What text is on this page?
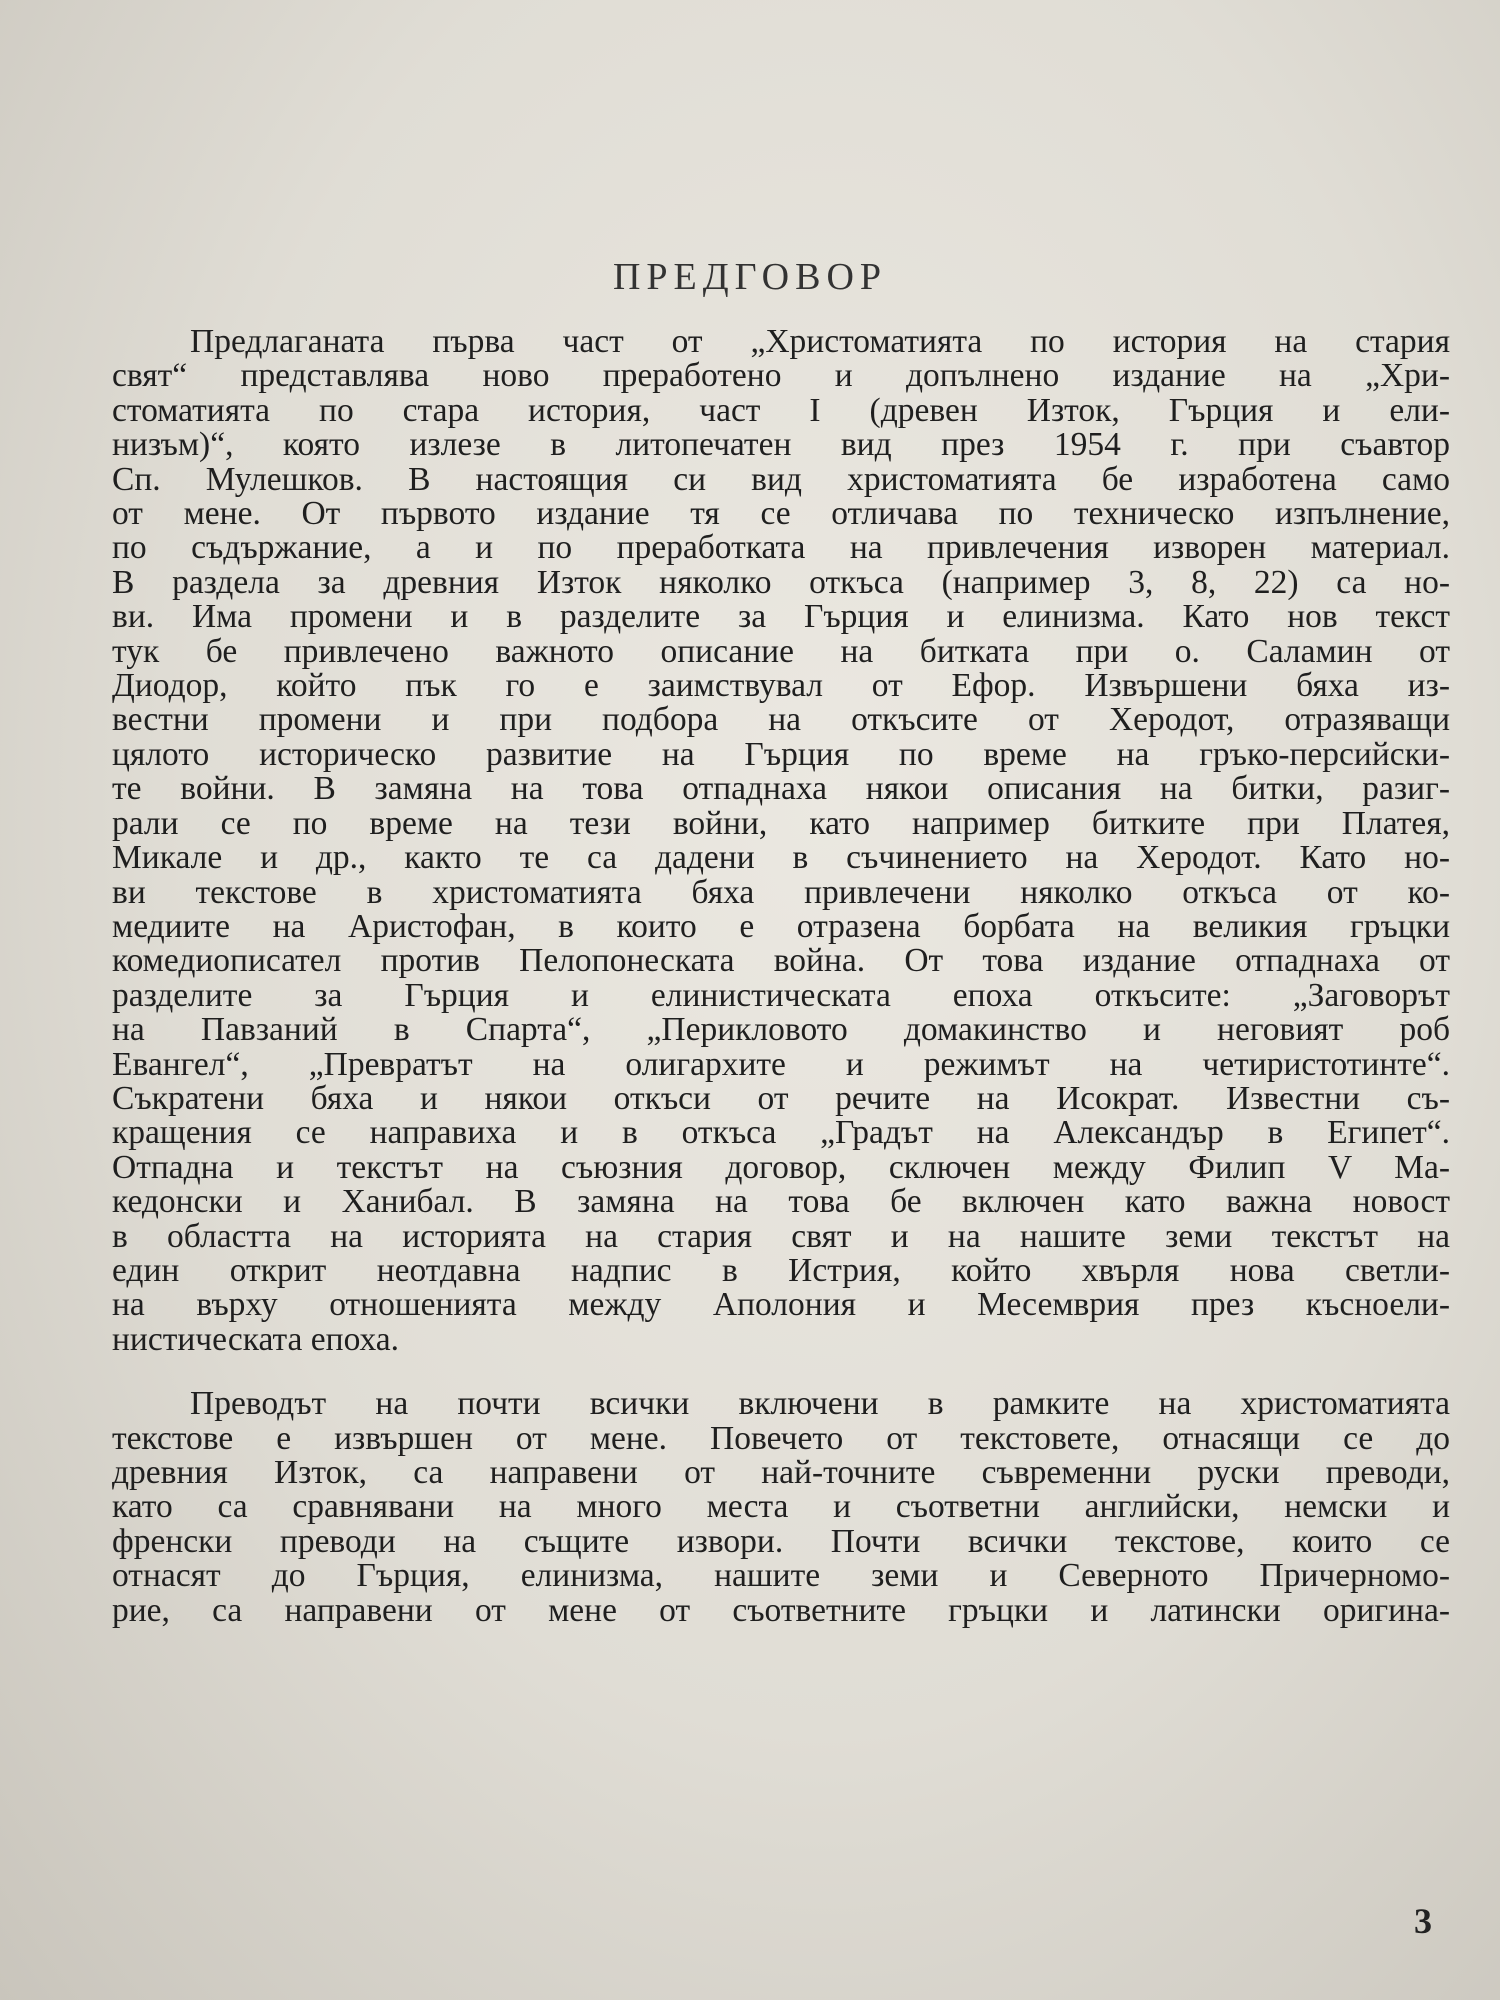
ПРЕДГОВОР
Предлаганата първа част от „Христоматията по история на стария
свят“ представлява ново преработено и допълнено издание на „Хри-
стоматията по стара история, част I (древен Изток, Гърция и ели-
низъм)“, която излезе в литопечатен вид през 1954 г. при съавтор
Сп. Мулешков. В настоящия си вид христоматията бе изработена само
от мене. От първото издание тя се отличава по техническо изпълнение,
по съдържание, а и по преработката на привлечения изворен материал.
В раздела за древния Изток няколко откъса (например 3, 8, 22) са но-
ви. Има промени и в разделите за Гърция и елинизма. Като нов текст
тук бе привлечено важното описание на битката при о. Саламин от
Диодор, който пък го е заимствувал от Ефор. Извършени бяха из-
вестни промени и при подбора на откъсите от Херодот, отразяващи
цялото историческо развитие на Гърция по време на гръко-персийски-
те войни. В замяна на това отпаднаха някои описания на битки, разиг-
рали се по време на тези войни, като например битките при Платея,
Микале и др., както те са дадени в съчинението на Херодот. Като но-
ви текстове в христоматията бяха привлечени няколко откъса от ко-
медиите на Аристофан, в които е отразена борбата на великия гръцки
комедиописател против Пелопонеската война. От това издание отпаднаха от
разделите за Гърция и елинистическата епоха откъсите: „Заговорът
на Павзаний в Спарта“, „Перикловото домакинство и неговият роб
Евангел“, „Превратът на олигархите и режимът на четиристотинте“.
Съкратени бяха и някои откъси от речите на Исократ. Известни съ-
кращения се направиха и в откъса „Градът на Александър в Египет“.
Отпадна и текстът на съюзния договор, сключен между Филип V Ма-
кедонски и Ханибал. В замяна на това бе включен като важна новост
в областта на историята на стария свят и на нашите земи текстът на
един открит неотдавна надпис в Истрия, който хвърля нова светли-
на върху отношенията между Аполония и Месемврия през късноели-
нистическата епоха.
Преводът на почти всички включени в рамките на христоматията
текстове е извършен от мене. Повечето от текстовете, отнасящи се до
древния Изток, са направени от най-точните съвременни руски преводи,
като са сравнявани на много места и съответни английски, немски и
френски преводи на същите извори. Почти всички текстове, които се
отнасят до Гърция, елинизма, нашите земи и Северното Причерномо-
рие, са направени от мене от съответните гръцки и латински оригина-
3
